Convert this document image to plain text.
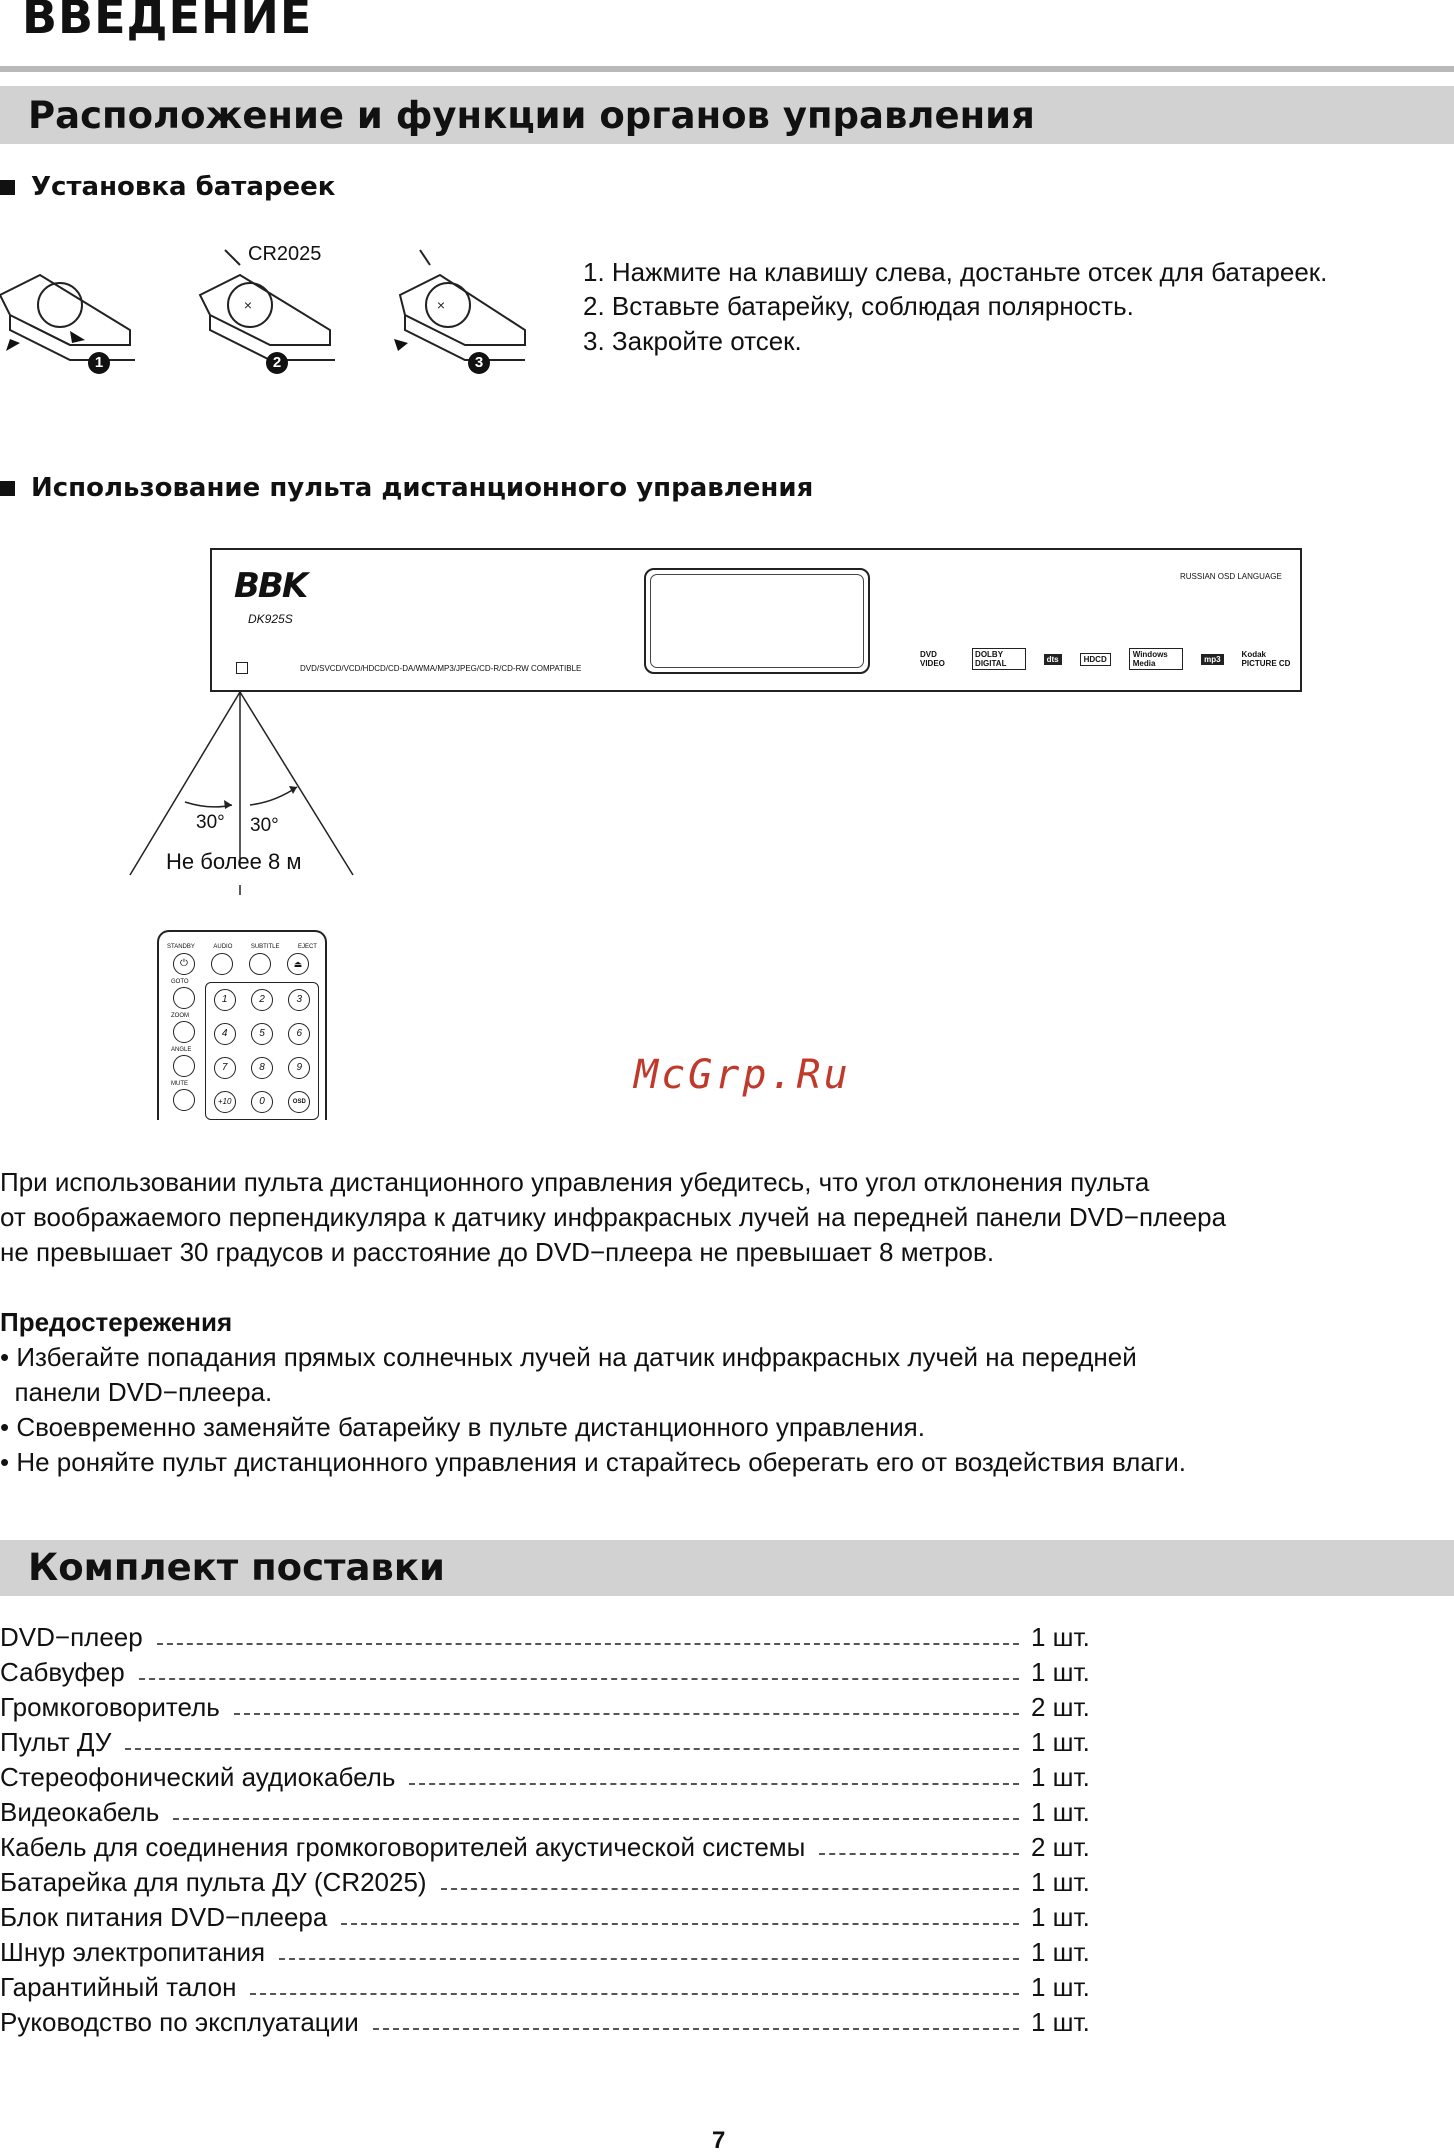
ВВЕДЕНИЕ
Расположение и функции органов управления
Установка батареек
×
×
CR2025
1	2	3
1. Нажмите на клавишу слева, достаньте отсек для батареек.
2. Вставьте батарейку, соблюдая полярность.
3. Закройте отсек.
Использование пульта дистанционного управления
BBK
DK925S
DVD/SVCD/VCD/HDCD/CD-DA/WMA/MP3/JPEG/CD-R/CD-RW COMPATIBLE
RUSSIAN OSD LANGUAGE
DVD VIDEO
DOLBY DIGITAL	dts	HDCD	Windows Media	mp3	Kodak PICTURE CD
30° 30°
Не более 8 м
STANDBY	AUDIO	SUBTITLE	EJECT
⏻	⏏
GOTO
ZOOM
ANGLE
MUTE
1	2	3
4	5	6
7	8	9
+10	0	OSD
McGrp.Ru
При использовании пульта дистанционного управления убедитесь, что угол отклонения пульта
от воображаемого перпендикуляра к датчику инфракрасных лучей на передней панели DVD−плеера
не превышает 30 градусов и расстояние до DVD−плеера не превышает 8 метров.
Предостережения
• Избегайте попадания прямых солнечных лучей на датчик инфракрасных лучей на передней
панели DVD−плеера.
• Своевременно заменяйте батарейку в пульте дистанционного управления.
• Не роняйте пульт дистанционного управления и старайтесь оберегать его от воздействия влаги.
Комплект поставки
DVD−плеер	1 шт.
Сабвуфер	1 шт.
Громкоговоритель	2 шт.
Пульт ДУ	1 шт.
Стереофонический аудиокабель	1 шт.
Видеокабель	1 шт.
Кабель для соединения громкоговорителей акустической системы	2 шт.
Батарейка для пульта ДУ (CR2025)	1 шт.
Блок питания DVD−плеера	1 шт.
Шнур электропитания	1 шт.
Гарантийный талон	1 шт.
Руководство по эксплуатации	1 шт.
7
